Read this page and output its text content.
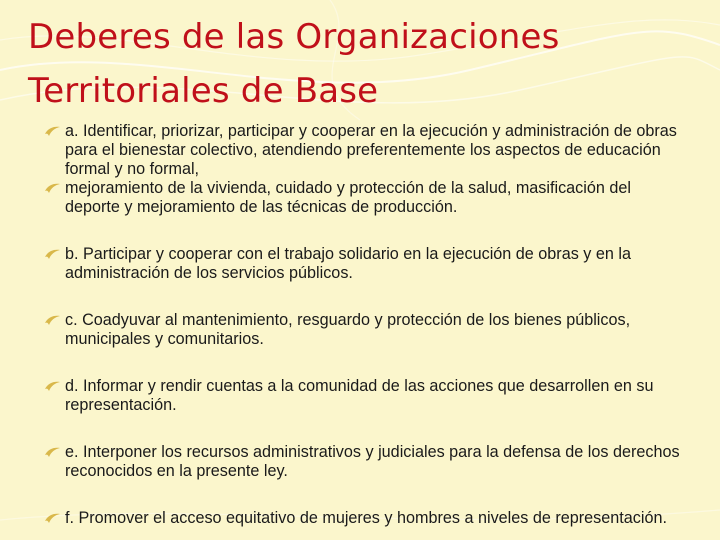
Deberes de las Organizaciones
Territoriales de Base
a. Identificar, priorizar, participar y cooperar en la ejecución y administración de obras para el bienestar colectivo, atendiendo preferentemente los aspectos de educación formal y no formal,
mejoramiento de la vivienda, cuidado y protección de la salud, masificación del deporte y mejoramiento de las técnicas de producción.
b. Participar y cooperar con el trabajo solidario en la ejecución de obras y en la administración de los servicios públicos.
c. Coadyuvar al mantenimiento, resguardo y protección de los bienes públicos, municipales y comunitarios.
d. Informar y rendir cuentas a la comunidad de las acciones que desarrollen en su representación.
e. Interponer los recursos administrativos y judiciales para la defensa de los derechos reconocidos en la presente ley.
f. Promover el acceso equitativo de mujeres y hombres a niveles de representación.
